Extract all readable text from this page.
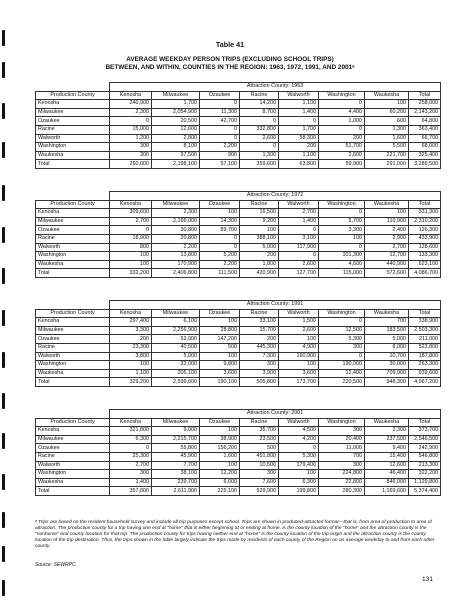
Table 41
AVERAGE WEEKDAY PERSON TRIPS (EXCLUDING SCHOOL TRIPS)
BETWEEN, AND WITHIN, COUNTIES IN THE REGION: 1963, 1972, 1991, AND 2001ᵃ
	Attraction County: 1963							
Production County	Kenosha	Milwaukee	Ozaukee	Racine	Walworth	Washington	Waukesha	Total
Kenosha	240,900	1,700	0	14,200	1,100	0	100	258,000
Milwaukee	2,300	2,054,900	11,300	8,700	1,400	4,400	60,200	2,143,200
Ozaukee	0	20,500	42,700	0	0	1,000	600	64,800
Racine	15,000	12,600	0	332,800	1,700	0	1,300	363,400
Walworth	1,200	2,800	0	2,600	58,300	200	1,600	66,700
Washington	300	8,100	2,200	0	200	51,700	5,500	68,000
Waukesha	300	97,500	900	1,300	1,100	2,600	221,700	325,400
Total	260,000	2,198,100	57,100	359,600	63,800	59,900	291,000	3,289,500
	Attraction County: 1972							
Production County	Kenosha	Milwaukee	Ozaukee	Racine	Walworth	Washington	Waukesha	Total
Kenosha	309,600	2,300	100	16,500	2,700	0	100	331,300
Milwaukee	2,700	2,166,000	14,300	9,200	1,400	5,700	110,900	2,310,200
Ozaukee	0	30,800	89,700	100	0	3,300	2,400	126,300
Racine	18,900	20,800	0	388,100	3,100	100	2,900	433,900
Walworth	800	2,200	0	5,000	117,900	0	2,700	128,600
Washington	100	13,800	5,200	200	0	101,300	12,700	133,300
Waukesha	100	170,900	2,200	1,800	2,600	4,600	440,900	623,100
Total	332,200	2,406,800	111,500	420,900	127,700	115,000	572,600	4,086,700
	Attraction County: 1991							
Production County	Kenosha	Milwaukee	Ozaukee	Racine	Walworth	Washington	Waukesha	Total
Kenosha	297,400	6,100	100	33,100	1,500	0	700	338,900
Milwaukee	3,300	2,256,900	28,800	15,700	2,600	12,500	183,500	2,503,300
Ozaukee	200	53,000	147,200	200	100	5,300	5,000	211,000
Racine	23,300	40,500	500	445,300	4,900	300	8,000	522,800
Walworth	3,800	5,000	100	7,300	160,900	0	10,700	187,800
Washington	100	33,000	9,800	300	100	190,000	30,000	263,300
Waukesha	1,100	205,100	3,600	3,900	3,600	12,400	709,900	939,600
Total	329,200	2,599,600	190,100	505,800	173,700	220,500	948,300	4,967,200
	Attraction County: 2001							
Production County	Kenosha	Milwaukee	Ozaukee	Racine	Walworth	Washington	Waukesha	Total
Kenosha	321,800	9,000	100	35,700	4,500	300	2,300	373,700
Milwaukee	6,300	2,215,700	38,900	23,500	4,200	20,400	237,500	2,546,500
Ozaukee	0	55,800	156,200	500	0	11,000	9,400	242,900
Racine	25,300	45,900	1,600	451,800	5,300	700	15,400	546,800
Walworth	2,700	7,700	100	10,500	179,400	300	12,600	213,300
Washington	300	38,100	12,200	300	100	224,800	46,400	322,200
Waukesha	1,400	239,700	6,000	7,600	6,300	22,800	846,000	1,129,800
Total	357,800	2,611,900	225,100	529,900	199,800	280,300	1,169,600	5,374,400
ᵃ Trips are based on the resident household survey and include all trip purposes except school. Trips are shown in produced-attracted format—that is, from area of production to area of attraction. The production county for a trip having one end at "home" that is either beginning at or ending at home, is the county location of the "home" and the attraction county is the "nonhome" end county location for that trip. The production county for trips having neither end at "home" is the county location of the trip origin and the attraction county is the county location of the trip destination. Thus, the trips shown in the table largely indicate the trips made by residents of each county of the Region on an average weekday to and from each other county.
Source: SEWRPC.
131
